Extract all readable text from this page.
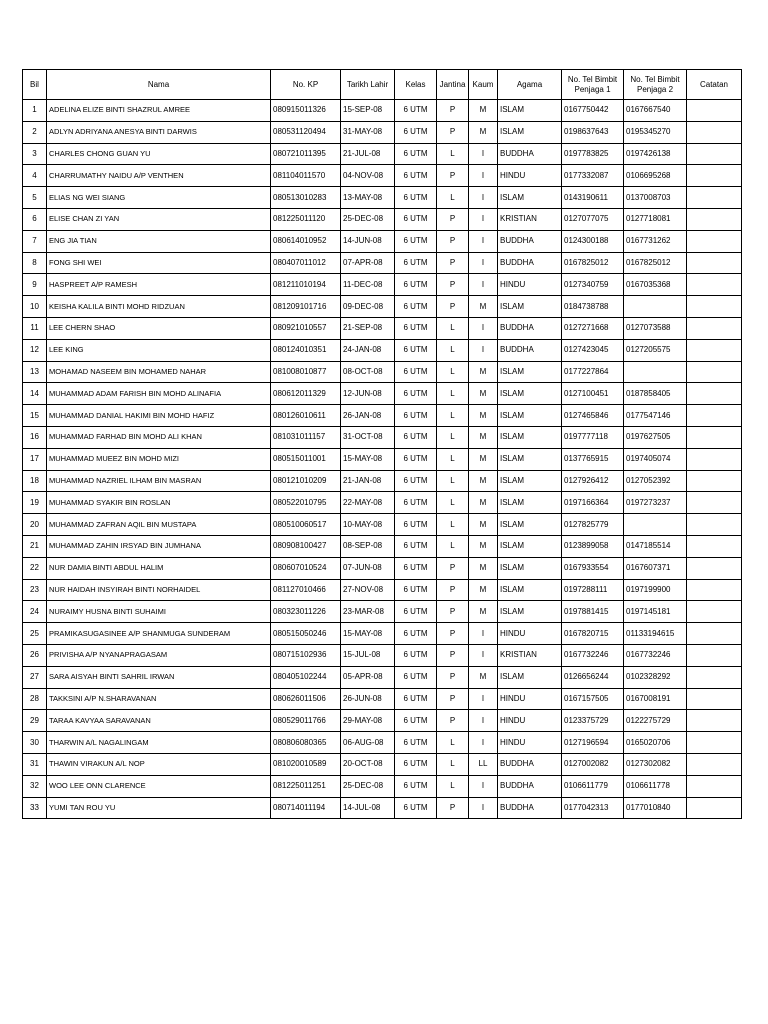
Bil	Nama	No. KP	Tarikh Lahir	Kelas	Jantina	Kaum	Agama	No. Tel Bimbit Penjaga 1	No. Tel Bimbit Penjaga 2	Catatan
1	ADELINA ELIZE BINTI SHAZRUL AMREE	080915011326	15-SEP-08	6 UTM	P	M	ISLAM	0167750442	0167667540	
2	ADLYN ADRIYANA ANESYA BINTI DARWIS	080531120494	31-MAY-08	6 UTM	P	M	ISLAM	0198637643	0195345270	
3	CHARLES CHONG GUAN YU	080721011395	21-JUL-08	6 UTM	L	I	BUDDHA	0197783825	0197426138	
4	CHARRUMATHY NAIDU A/P VENTHEN	081104011570	04-NOV-08	6 UTM	P	I	HINDU	0177332087	0106695268	
5	ELIAS NG WEI SIANG	080513010283	13-MAY-08	6 UTM	L	I	ISLAM	0143190611	0137008703	
6	ELISE CHAN ZI YAN	081225011120	25-DEC-08	6 UTM	P	I	KRISTIAN	0127077075	0127718081	
7	ENG JIA TIAN	080614010952	14-JUN-08	6 UTM	P	I	BUDDHA	0124300188	0167731262	
8	FONG SHI WEI	080407011012	07-APR-08	6 UTM	P	I	BUDDHA	0167825012	0167825012	
9	HASPREET A/P RAMESH	081211010194	11-DEC-08	6 UTM	P	I	HINDU	0127340759	0167035368	
10	KEISHA KALILA BINTI MOHD RIDZUAN	081209101716	09-DEC-08	6 UTM	P	M	ISLAM	0184738788		
11	LEE CHERN SHAO	080921010557	21-SEP-08	6 UTM	L	I	BUDDHA	0127271668	0127073588	
12	LEE KING	080124010351	24-JAN-08	6 UTM	L	I	BUDDHA	0127423045	0127205575	
13	MOHAMAD NASEEM BIN MOHAMED NAHAR	081008010877	08-OCT-08	6 UTM	L	M	ISLAM	0177227864		
14	MUHAMMAD ADAM FARISH BIN MOHD ALINAFIA	080612011329	12-JUN-08	6 UTM	L	M	ISLAM	0127100451	0187858405	
15	MUHAMMAD DANIAL HAKIMI BIN MOHD HAFIZ	080126010611	26-JAN-08	6 UTM	L	M	ISLAM	0127465846	0177547146	
16	MUHAMMAD FARHAD BIN MOHD ALI KHAN	081031011157	31-OCT-08	6 UTM	L	M	ISLAM	0197777118	0197627505	
17	MUHAMMAD MUEEZ BIN MOHD MIZI	080515011001	15-MAY-08	6 UTM	L	M	ISLAM	0137765915	0197405074	
18	MUHAMMAD NAZRIEL ILHAM BIN MASRAN	080121010209	21-JAN-08	6 UTM	L	M	ISLAM	0127926412	0127052392	
19	MUHAMMAD SYAKIR BIN ROSLAN	080522010795	22-MAY-08	6 UTM	L	M	ISLAM	0197166364	0197273237	
20	MUHAMMAD ZAFRAN AQIL BIN MUSTAPA	080510060517	10-MAY-08	6 UTM	L	M	ISLAM	0127825779		
21	MUHAMMAD ZAHIN IRSYAD BIN JUMHANA	080908100427	08-SEP-08	6 UTM	L	M	ISLAM	0123899058	0147185514	
22	NUR DAMIA BINTI ABDUL HALIM	080607010524	07-JUN-08	6 UTM	P	M	ISLAM	0167933554	0167607371	
23	NUR HAIDAH INSYIRAH BINTI NORHAIDEL	081127010466	27-NOV-08	6 UTM	P	M	ISLAM	0197288111	0197199900	
24	NURAIMY HUSNA BINTI SUHAIMI	080323011226	23-MAR-08	6 UTM	P	M	ISLAM	0197881415	0197145181	
25	PRAMIKASUGASINEE A/P SHANMUGA SUNDERAM	080515050246	15-MAY-08	6 UTM	P	I	HINDU	0167820715	01133194615	
26	PRIVISHA A/P NYANAPRAGASAM	080715102936	15-JUL-08	6 UTM	P	I	KRISTIAN	0167732246	0167732246	
27	SARA AISYAH BINTI SAHRIL IRWAN	080405102244	05-APR-08	6 UTM	P	M	ISLAM	0126656244	0102328292	
28	TAKKSINI A/P N.SHARAVANAN	080626011506	26-JUN-08	6 UTM	P	I	HINDU	0167157505	0167008191	
29	TARAA KAVYAA SARAVANAN	080529011766	29-MAY-08	6 UTM	P	I	HINDU	0123375729	0122275729	
30	THARWIN A/L NAGALINGAM	080806080365	06-AUG-08	6 UTM	L	I	HINDU	0127196594	0165020706	
31	THAWIN VIRAKUN A/L NOP	081020010589	20-OCT-08	6 UTM	L	LL	BUDDHA	0127002082	0127302082	
32	WOO LEE ONN CLARENCE	081225011251	25-DEC-08	6 UTM	L	I	BUDDHA	0106611779	0106611778	
33	YUMI TAN ROU YU	080714011194	14-JUL-08	6 UTM	P	I	BUDDHA	0177042313	0177010840	
